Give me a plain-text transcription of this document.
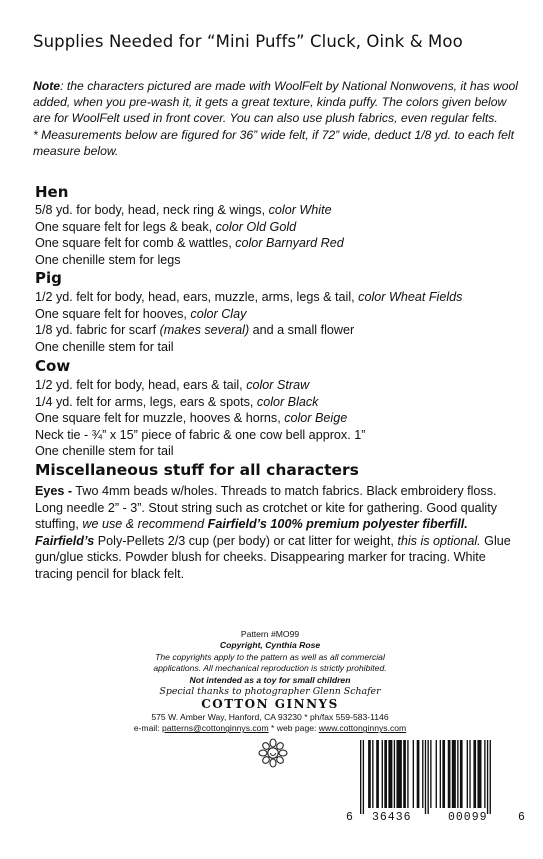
Supplies Needed for “Mini Puffs” Cluck, Oink & Moo
Note: the characters pictured are made with WoolFelt by National Nonwovens, it has wool added, when you pre-wash it, it gets a great texture, kinda puffy. The colors given below are for WoolFelt used in front cover. You can also use plush fabrics, even regular felts.
* Measurements below are figured for 36” wide felt, if 72” wide, deduct 1/8 yd. to each felt measure below.
Hen
5/8 yd. for body, head, neck ring & wings, color White
One square felt for legs & beak, color Old Gold
One square felt for comb & wattles, color Barnyard Red
One chenille stem for legs
Pig
1/2 yd. felt for body, head, ears, muzzle, arms, legs & tail, color Wheat Fields
One square felt for hooves, color Clay
1/8 yd. fabric for scarf (makes several) and a small flower
One chenille stem for tail
Cow
1/2 yd. felt for body, head, ears & tail, color Straw
1/4 yd. felt for arms, legs, ears & spots, color Black
One square felt for muzzle, hooves & horns, color Beige
Neck tie - ¾” x 15” piece of fabric & one cow bell approx. 1”
One chenille stem for tail
Miscellaneous stuff for all characters
Eyes - Two 4mm beads w/holes. Threads to match fabrics. Black embroidery floss. Long needle 2” - 3”. Stout string such as crotchet or kite for gathering. Good quality stuffing, we use & recommend Fairfield’s 100% premium polyester fiberfill. Fairfield’s Poly-Pellets 2/3 cup (per body) or cat litter for weight, this is optional. Glue gun/glue sticks. Powder blush for cheeks. Disappearing marker for tracing. White tracing pencil for black felt.
Pattern #MO99
Copyright, Cynthia Rose
The copyrights apply to the pattern as well as all commercial
applications. All mechanical reproduction is strictly prohibited.
Not intended as a toy for small children
Special thanks to photographer Glenn Schafer
COTTON GINNYS
575 W. Amber Way, Hanford, CA 93230 * ph/fax 559-583-1146
e-mail: patterns@cottonginnys.com * web page: www.cottonginnys.com
6 36436	00099	6
